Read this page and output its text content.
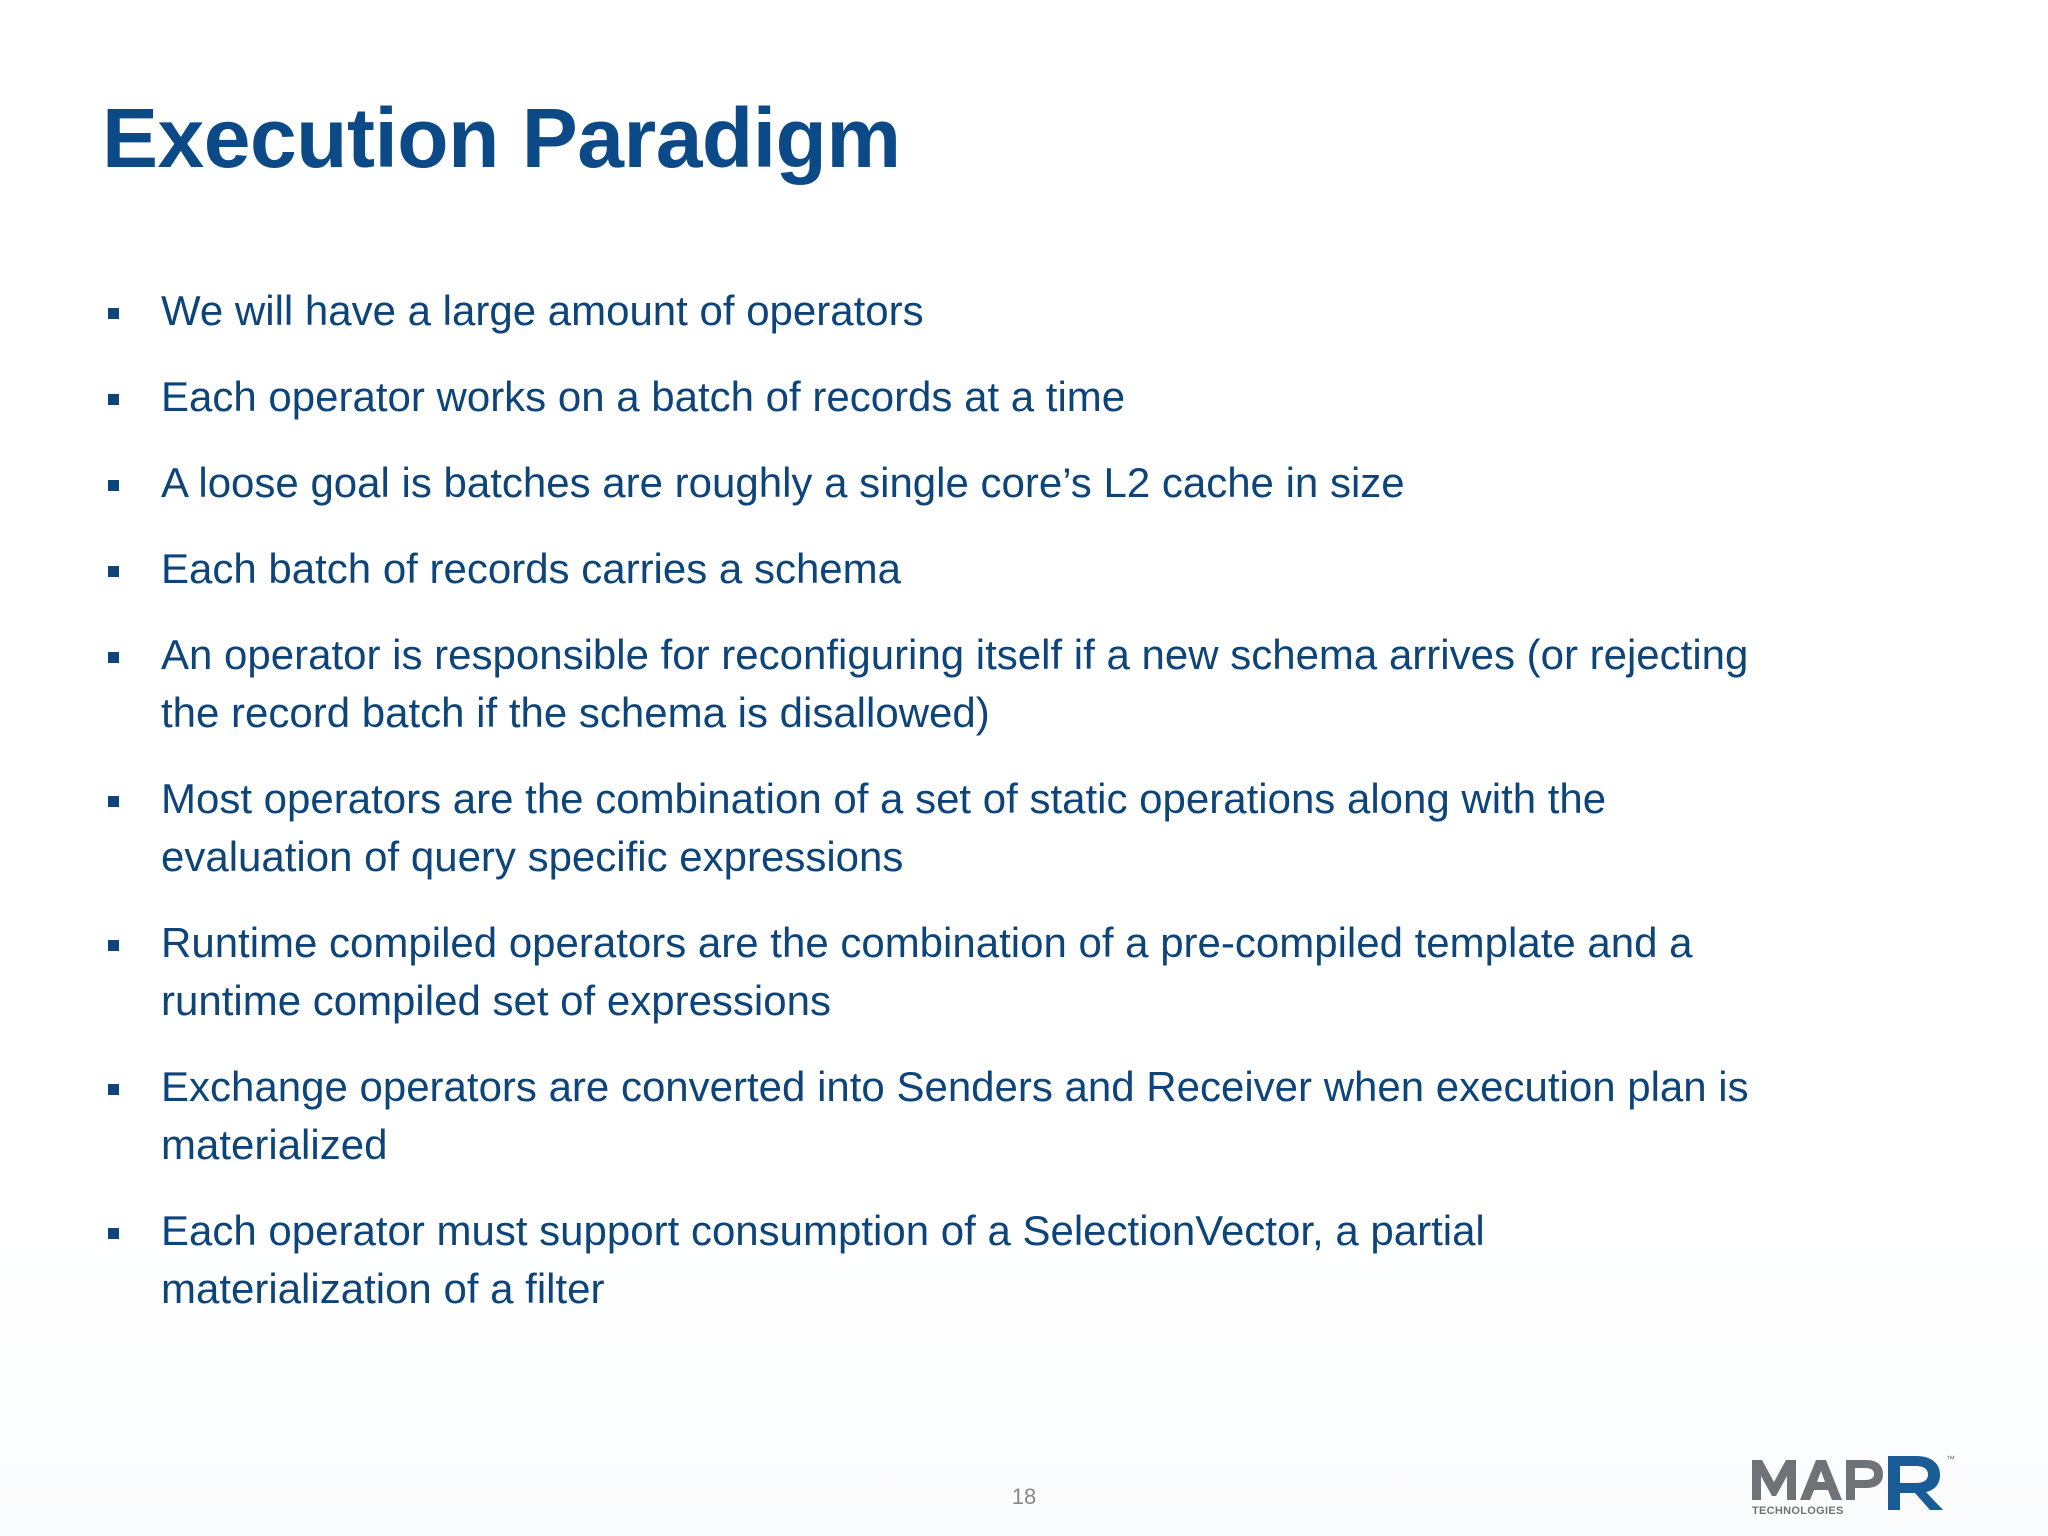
Execution Paradigm
We will have a large amount of operators
Each operator works on a batch of records at a time
A loose goal is batches are roughly a single core’s L2 cache in size
Each batch of records carries a schema
An operator is responsible for reconfiguring itself if a new schema arrives (or rejecting
the record batch if the schema is disallowed)
Most operators are the combination of a set of static operations along with the
evaluation of query specific expressions
Runtime compiled operators are the combination of a pre-compiled template and a
runtime compiled set of expressions
Exchange operators are converted into Senders and Receiver when execution plan is
materialized
Each operator must support consumption of a SelectionVector, a partial
materialization of a filter
18
™
TECHNOLOGIES
